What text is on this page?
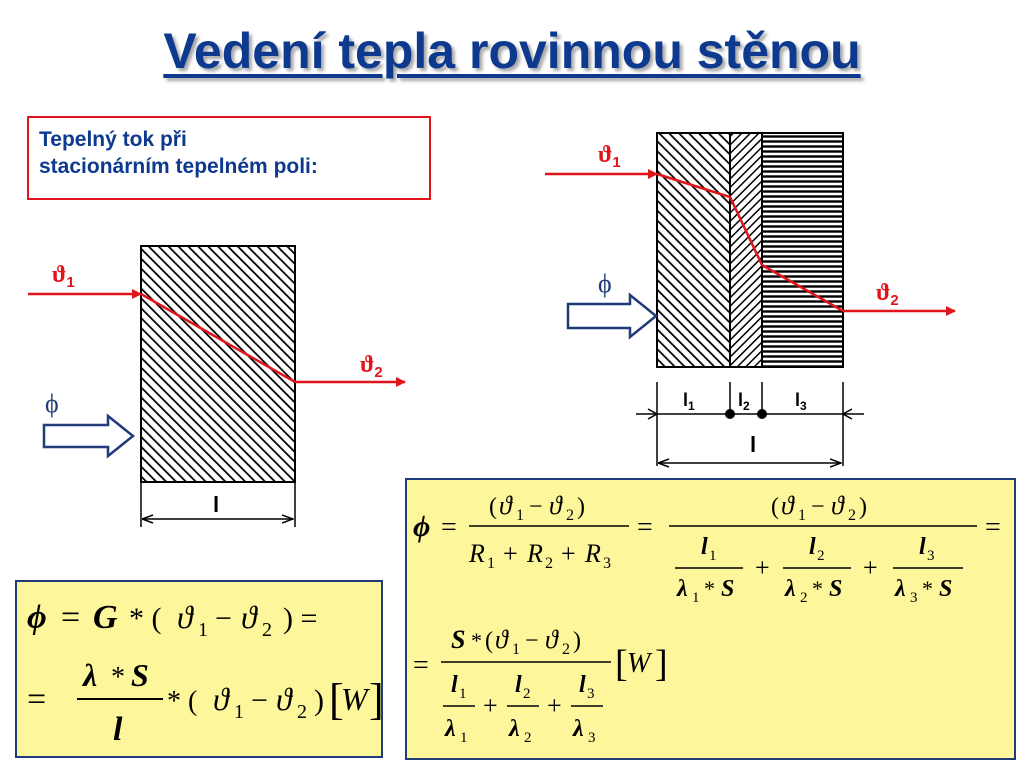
Vedení tepla rovinnou stěnou
Tepelný tok při
stacionárním tepelném poli:
$ϑ_1$
$ϑ_2$
ϕ
l
$ϑ_1$
$ϑ_2$
ϕ
$l_1$ $l_2$	$l_3$
l
ϕ = G * ( ϑ 1 − ϑ 2 ) =
=
λ * S
l
* ( ϑ 1 − ϑ 2 ) [
W ]
ϕ =
( ϑ 1 − ϑ 2 )
R 1 + R 2 + R 3
=
( ϑ 1 − ϑ 2 )
l 1
λ 1 * S
+
l 2
λ 2 * S
+
l 3
λ 3 * S
=
=
S * ( ϑ 1 − ϑ 2 )
l 1
λ 1
+
l 2
λ 2
+
l 3
λ 3
[ W ]
